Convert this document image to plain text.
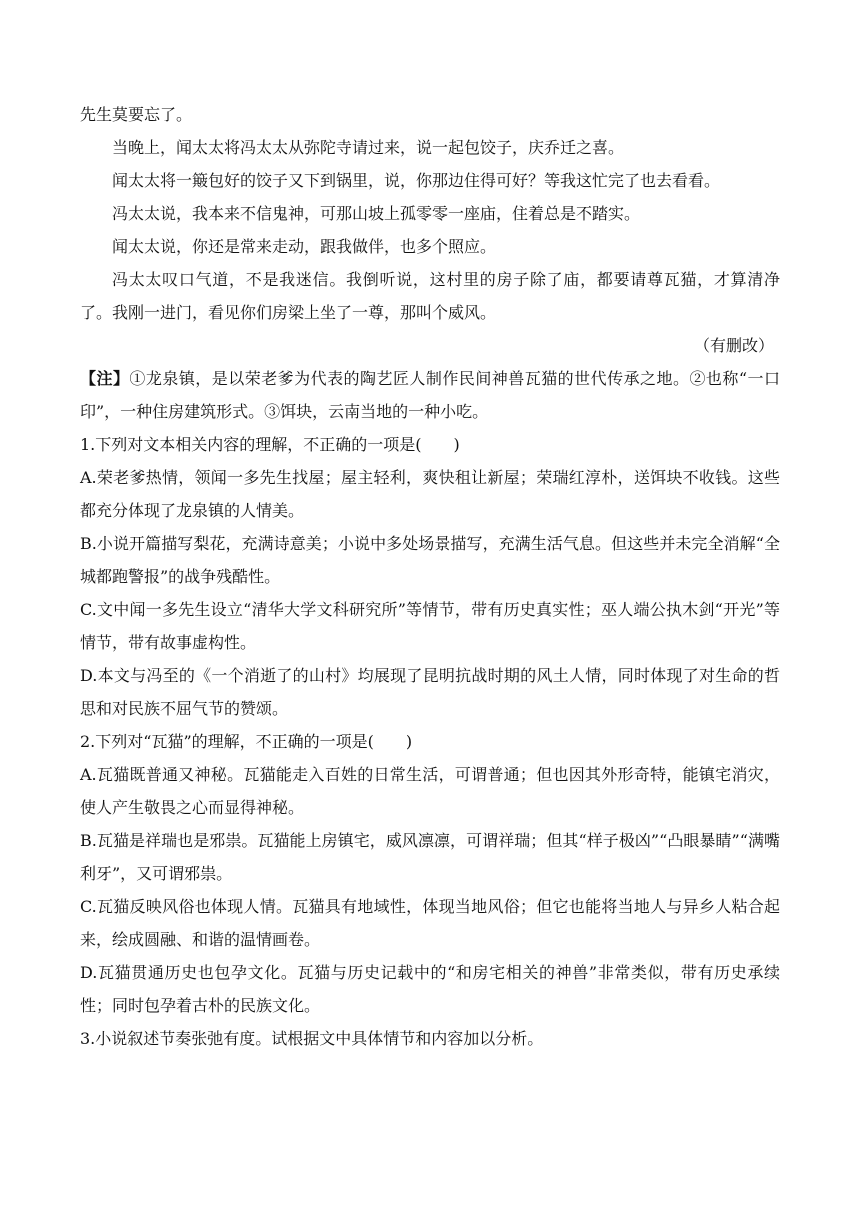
先生莫要忘了。

当晚上，闻太太将冯太太从弥陀寺请过来，说一起包饺子，庆乔迁之喜。

闻太太将一簸包好的饺子又下到锅里，说，你那边住得可好？等我这忙完了也去看看。

冯太太说，我本来不信鬼神，可那山坡上孤零零一座庙，住着总是不踏实。

闻太太说，你还是常来走动，跟我做伴，也多个照应。

冯太太叹口气道，不是我迷信。我倒听说，这村里的房子除了庙，都要请尊瓦猫，才算清净了。我刚一进门，看见你们房梁上坐了一尊，那叫个威风。

（有删改）

【注】①龙泉镇，是以荣老爹为代表的陶艺匠人制作民间神兽瓦猫的世代传承之地。②也称“一口印”，一种住房建筑形式。③饵块，云南当地的一种小吃。

1.下列对文本相关内容的理解，不正确的一项是(　　)

A.荣老爹热情，领闻一多先生找屋；屋主轻利，爽快租让新屋；荣瑞红淳朴，送饵块不收钱。这些都充分体现了龙泉镇的人情美。

B.小说开篇描写梨花，充满诗意美；小说中多处场景描写，充满生活气息。但这些并未完全消解“全城都跑警报”的战争残酷性。

C.文中闻一多先生设立“清华大学文科研究所”等情节，带有历史真实性；巫人端公执木剑“开光”等情节，带有故事虚构性。

D.本文与冯至的《一个消逝了的山村》均展现了昆明抗战时期的风土人情，同时体现了对生命的哲思和对民族不屈气节的赞颂。

2.下列对“瓦猫”的理解，不正确的一项是(　　)

A.瓦猫既普通又神秘。瓦猫能走入百姓的日常生活，可谓普通；但也因其外形奇特，能镇宅消灾，使人产生敬畏之心而显得神秘。

B.瓦猫是祥瑞也是邪祟。瓦猫能上房镇宅，威风凛凛，可谓祥瑞；但其“样子极凶”“凸眼暴睛”“满嘴利牙”，又可谓邪祟。

C.瓦猫反映风俗也体现人情。瓦猫具有地域性，体现当地风俗；但它也能将当地人与异乡人粘合起来，绘成圆融、和谐的温情画卷。

D.瓦猫贯通历史也包孕文化。瓦猫与历史记载中的“和房宅相关的神兽”非常类似，带有历史承续性；同时包孕着古朴的民族文化。

3.小说叙述节奏张弛有度。试根据文中具体情节和内容加以分析。
